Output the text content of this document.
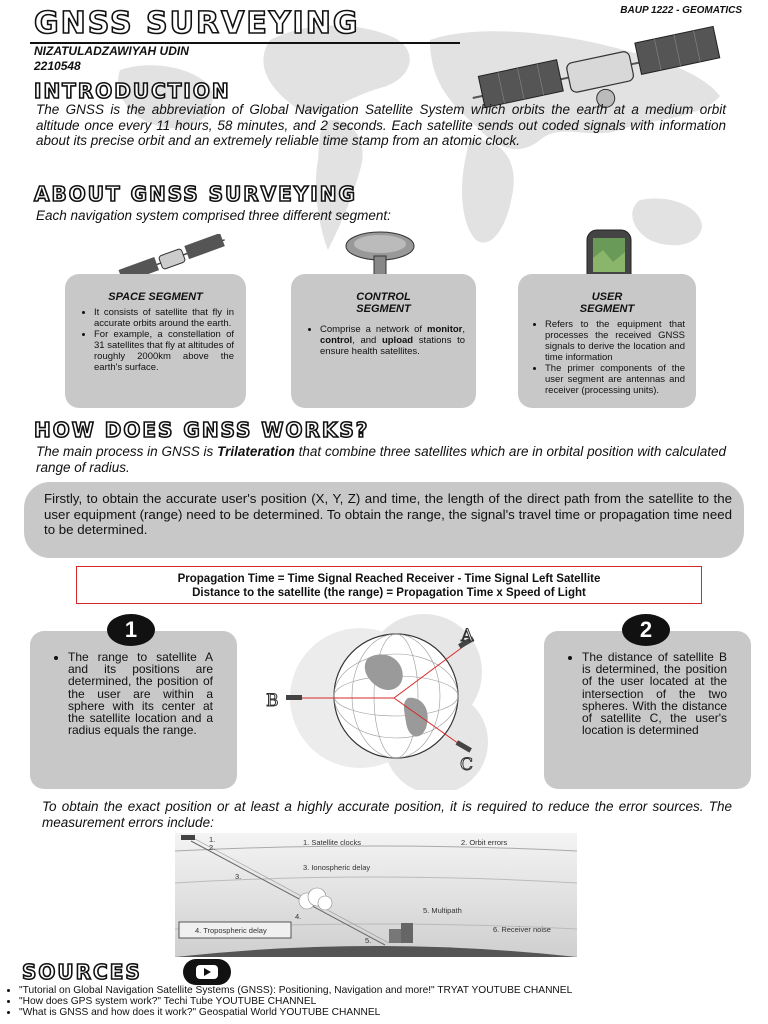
BAUP 1222 - GEOMATICS
GNSS SURVEYING
NIZATULADZAWIYAH UDIN
2210548
INTRODUCTION
The GNSS is the abbreviation of Global Navigation Satellite System which orbits the earth at a medium orbit altitude once every 11 hours, 58 minutes, and 2 seconds. Each satellite sends out coded signals with information about its precise orbit and an extremely reliable time stamp from an atomic clock.
ABOUT GNSS SURVEYING
Each navigation system comprised three different segment:
SPACE SEGMENT
• It consists of satellite that fly in accurate orbits around the earth.
• For example, a constellation of 31 satellites that fly at altitudes of roughly 2000km above the earth's surface.
CONTROL SEGMENT
• Comprise a network of monitor, control, and upload stations to ensure health satellites.
USER SEGMENT
• Refers to the equipment that processes the received GNSS signals to derive the location and time information
• The primer components of the user segment are antennas and receiver (processing units).
HOW DOES GNSS WORKS?
The main process in GNSS is Trilateration that combine three satellites which are in orbital position with calculated range of radius.
Firstly, to obtain the accurate user's position (X, Y, Z) and time, the length of the direct path from the satellite to the user equipment (range) need to be determined. To obtain the range, the signal's travel time or propagation time need to be determined.
Propagation Time = Time Signal Reached Receiver - Time Signal Left Satellite
Distance to the satellite (the range) = Propagation Time x Speed of Light
• The range to satellite A and its positions are determined, the position of the user are within a sphere with its center at the satellite location and a radius equals the range.
1
• The distance of satellite B is determined, the position of the user located at the intersection of the two spheres. With the distance of satellite C, the user's location is determined
2
A
B
C
To obtain the exact position or at least a highly accurate position, it is required to reduce the error sources. The measurement errors include:
1.
2.
3.
4.
5.
1. Satellite clocks	2. Orbit errors
3. Ionospheric delay
5. Multipath
6. Receiver noise
4. Tropospheric delay
SOURCES
• "Tutorial on Global Navigation Satellite Systems (GNSS): Positioning, Navigation and more!" TRYAT YOUTUBE CHANNEL
• "How does GPS system work?" Techi Tube YOUTUBE CHANNEL
• "What is GNSS and how does it work?" Geospatial World YOUTUBE CHANNEL
